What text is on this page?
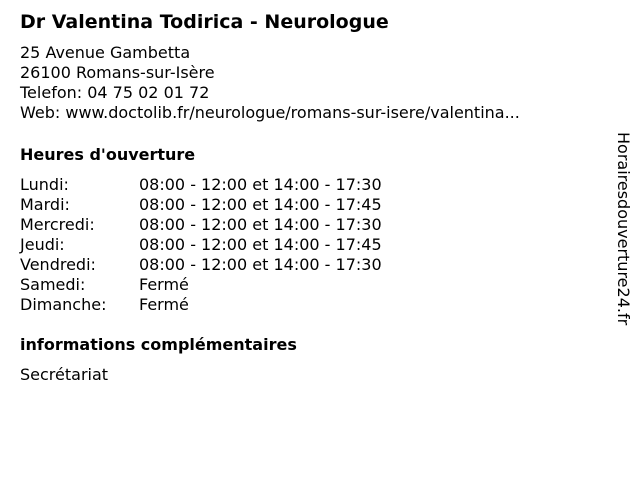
Dr Valentina Todirica - Neurologue
25 Avenue Gambetta
26100 Romans-sur-Isère
Telefon: 04 75 02 01 72
Web: www.doctolib.fr/neurologue/romans-sur-isere/valentina...
Heures d'ouverture
Lundi:	08:00 - 12:00 et 14:00 - 17:30
Mardi:	08:00 - 12:00 et 14:00 - 17:45
Mercredi:	08:00 - 12:00 et 14:00 - 17:30
Jeudi:	08:00 - 12:00 et 14:00 - 17:45
Vendredi:	08:00 - 12:00 et 14:00 - 17:30
Samedi:	Fermé
Dimanche: Fermé
informations complémentaires
Secrétariat
Horairesdouverture24.fr
